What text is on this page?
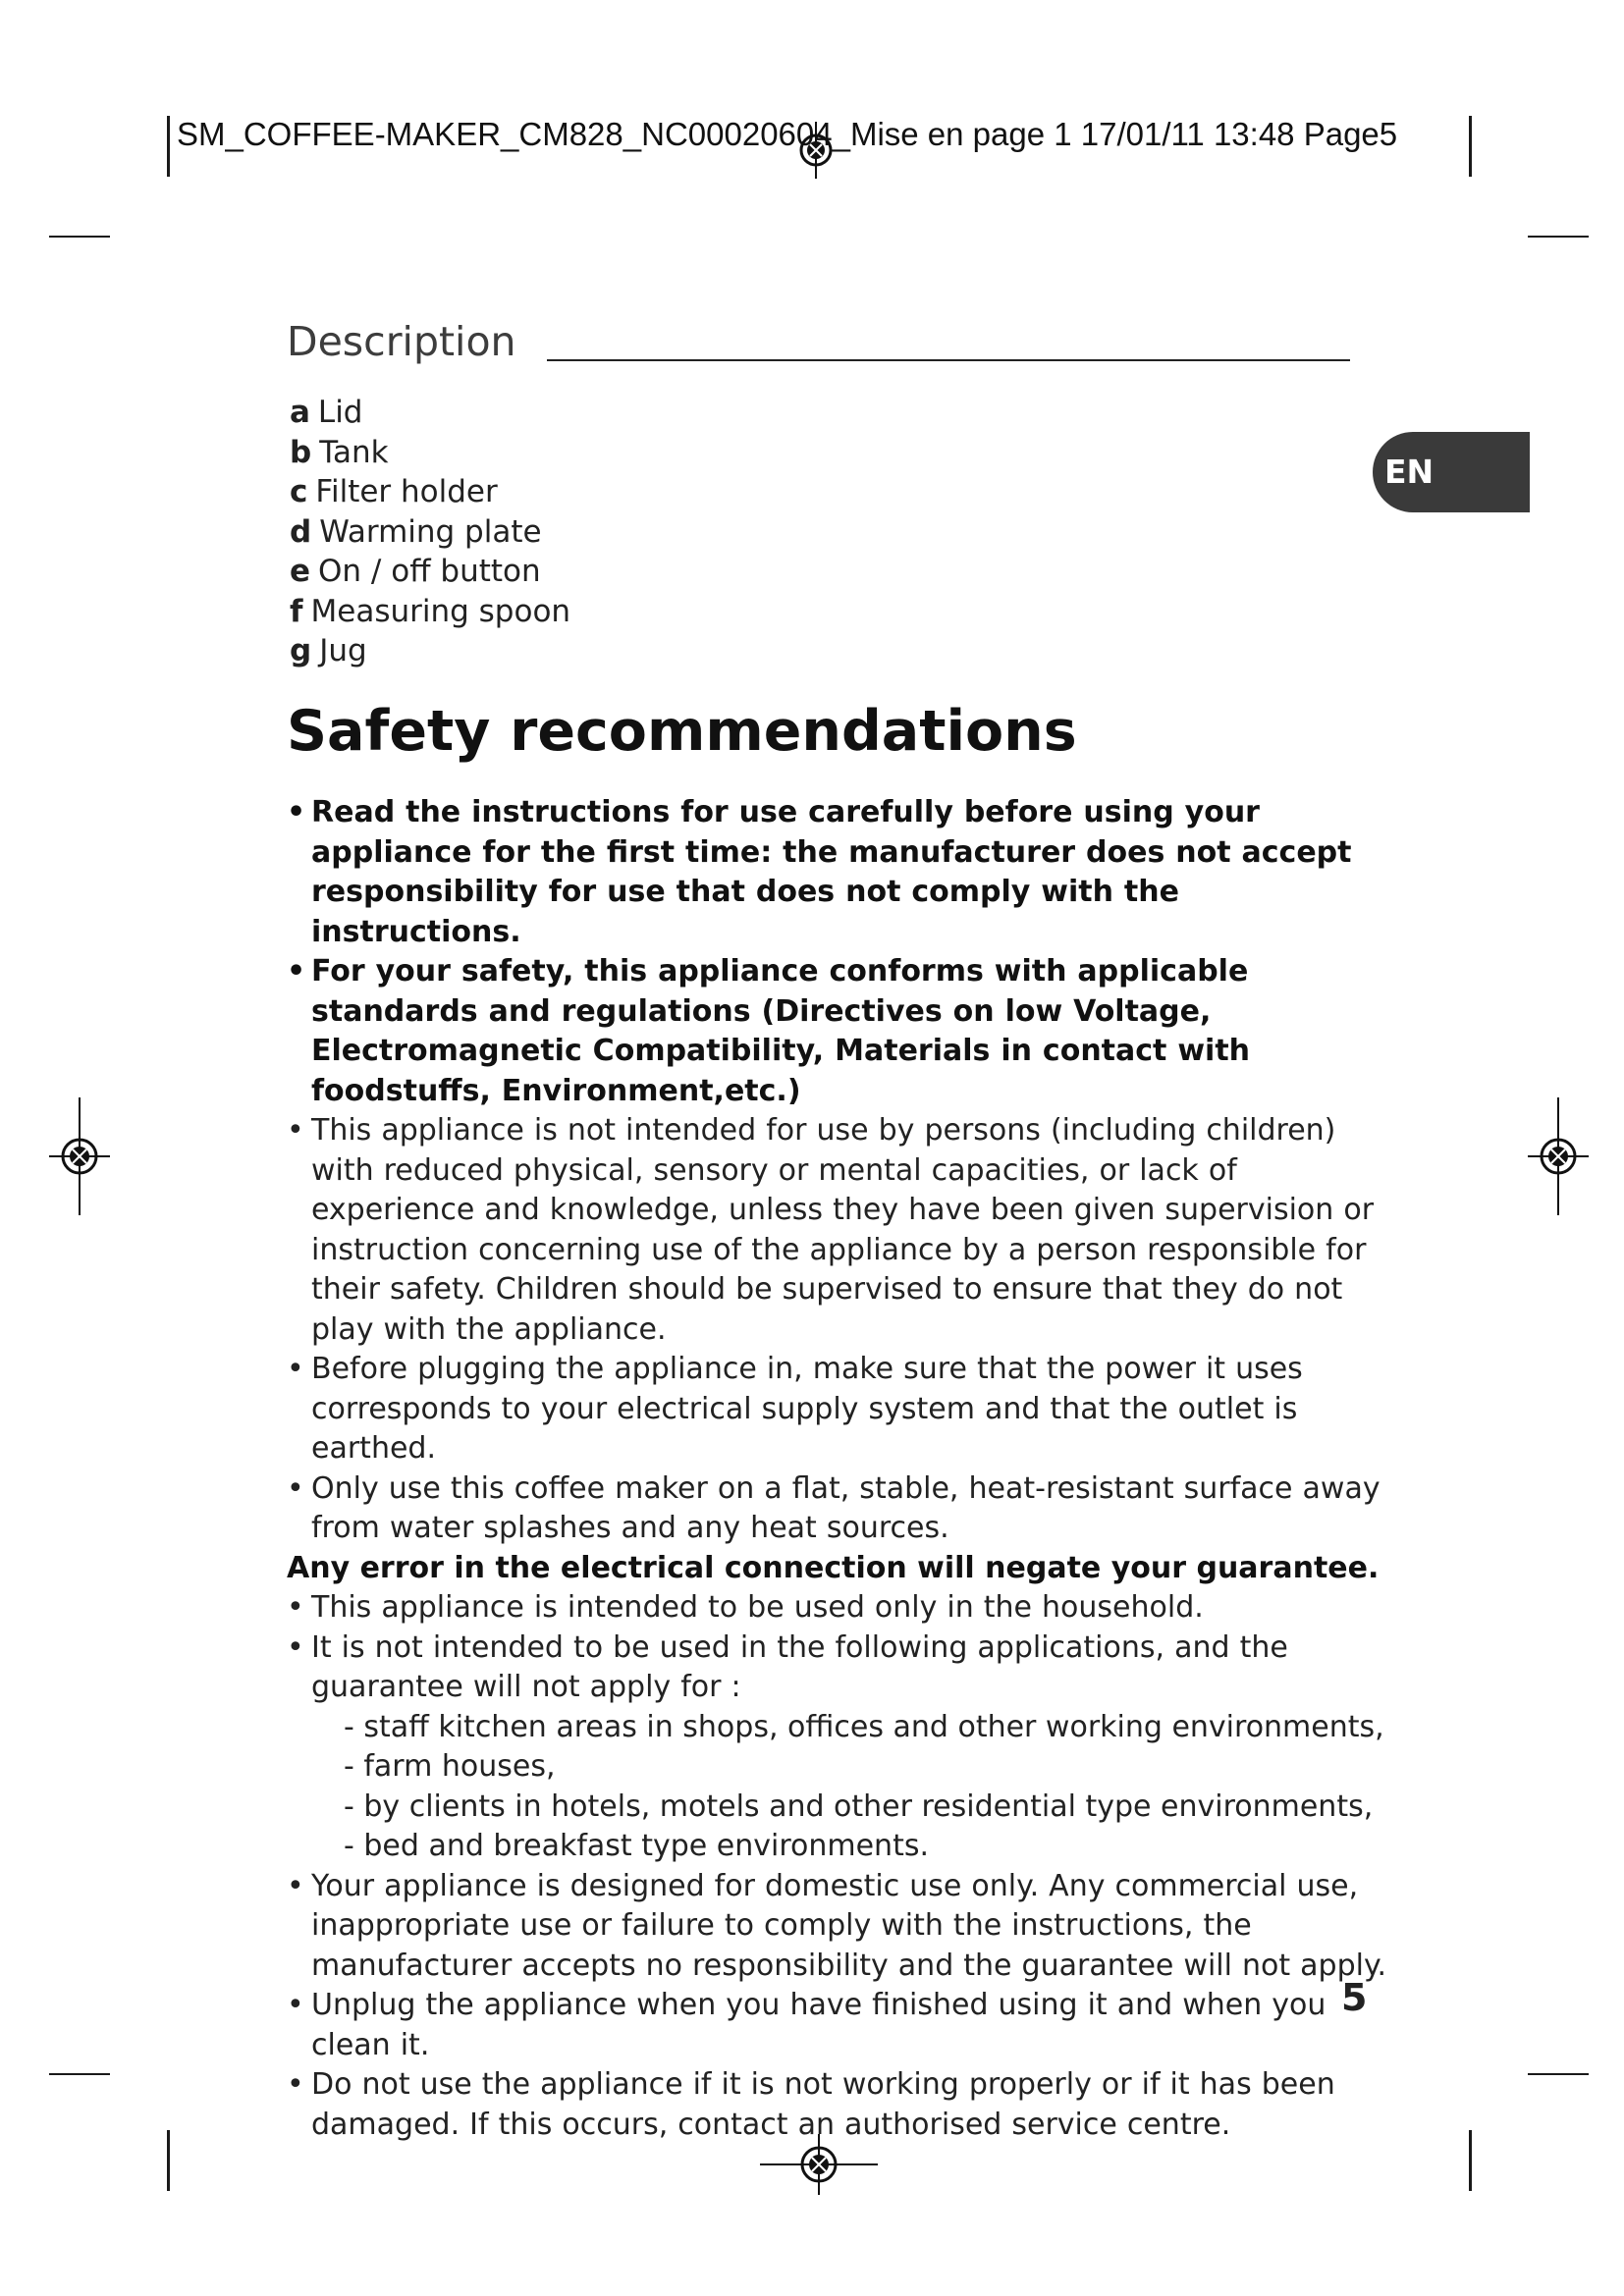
SM_COFFEE-MAKER_CM828_NC00020604_Mise en page 1 17/01/11 13:48 Page5
EN
Description
a Lid
b Tank
c Filter holder
d Warming plate
e On / off button
f Measuring spoon
g Jug
Safety recommendations
• Read the instructions for use carefully before using your appliance for the first time: the manufacturer does not accept responsibility for use that does not comply with the instructions.
• For your safety, this appliance conforms with applicable standards and regulations (Directives on low Voltage, Electromagnetic Compatibility, Materials in contact with foodstuffs, Environment,etc.)
• This appliance is not intended for use by persons (including children) with reduced physical, sensory or mental capacities, or lack of experience and knowledge, unless they have been given supervision or instruction concerning use of the appliance by a person responsible for their safety. Children should be supervised to ensure that they do not play with the appliance.
• Before plugging the appliance in, make sure that the power it uses corresponds to your electrical supply system and that the outlet is earthed.
• Only use this coffee maker on a flat, stable, heat-resistant surface away from water splashes and any heat sources.
Any error in the electrical connection will negate your guarantee.
• This appliance is intended to be used only in the household.
• It is not intended to be used in the following applications, and the guarantee will not apply for :
- staff kitchen areas in shops, offices and other working environments,
- farm houses,
- by clients in hotels, motels and other residential type environments,
- bed and breakfast type environments.
• Your appliance is designed for domestic use only. Any commercial use, inappropriate use or failure to comply with the instructions, the manufacturer accepts no responsibility and the guarantee will not apply.
• Unplug the appliance when you have finished using it and when you clean it.
• Do not use the appliance if it is not working properly or if it has been damaged. If this occurs, contact an authorised service centre.
5
